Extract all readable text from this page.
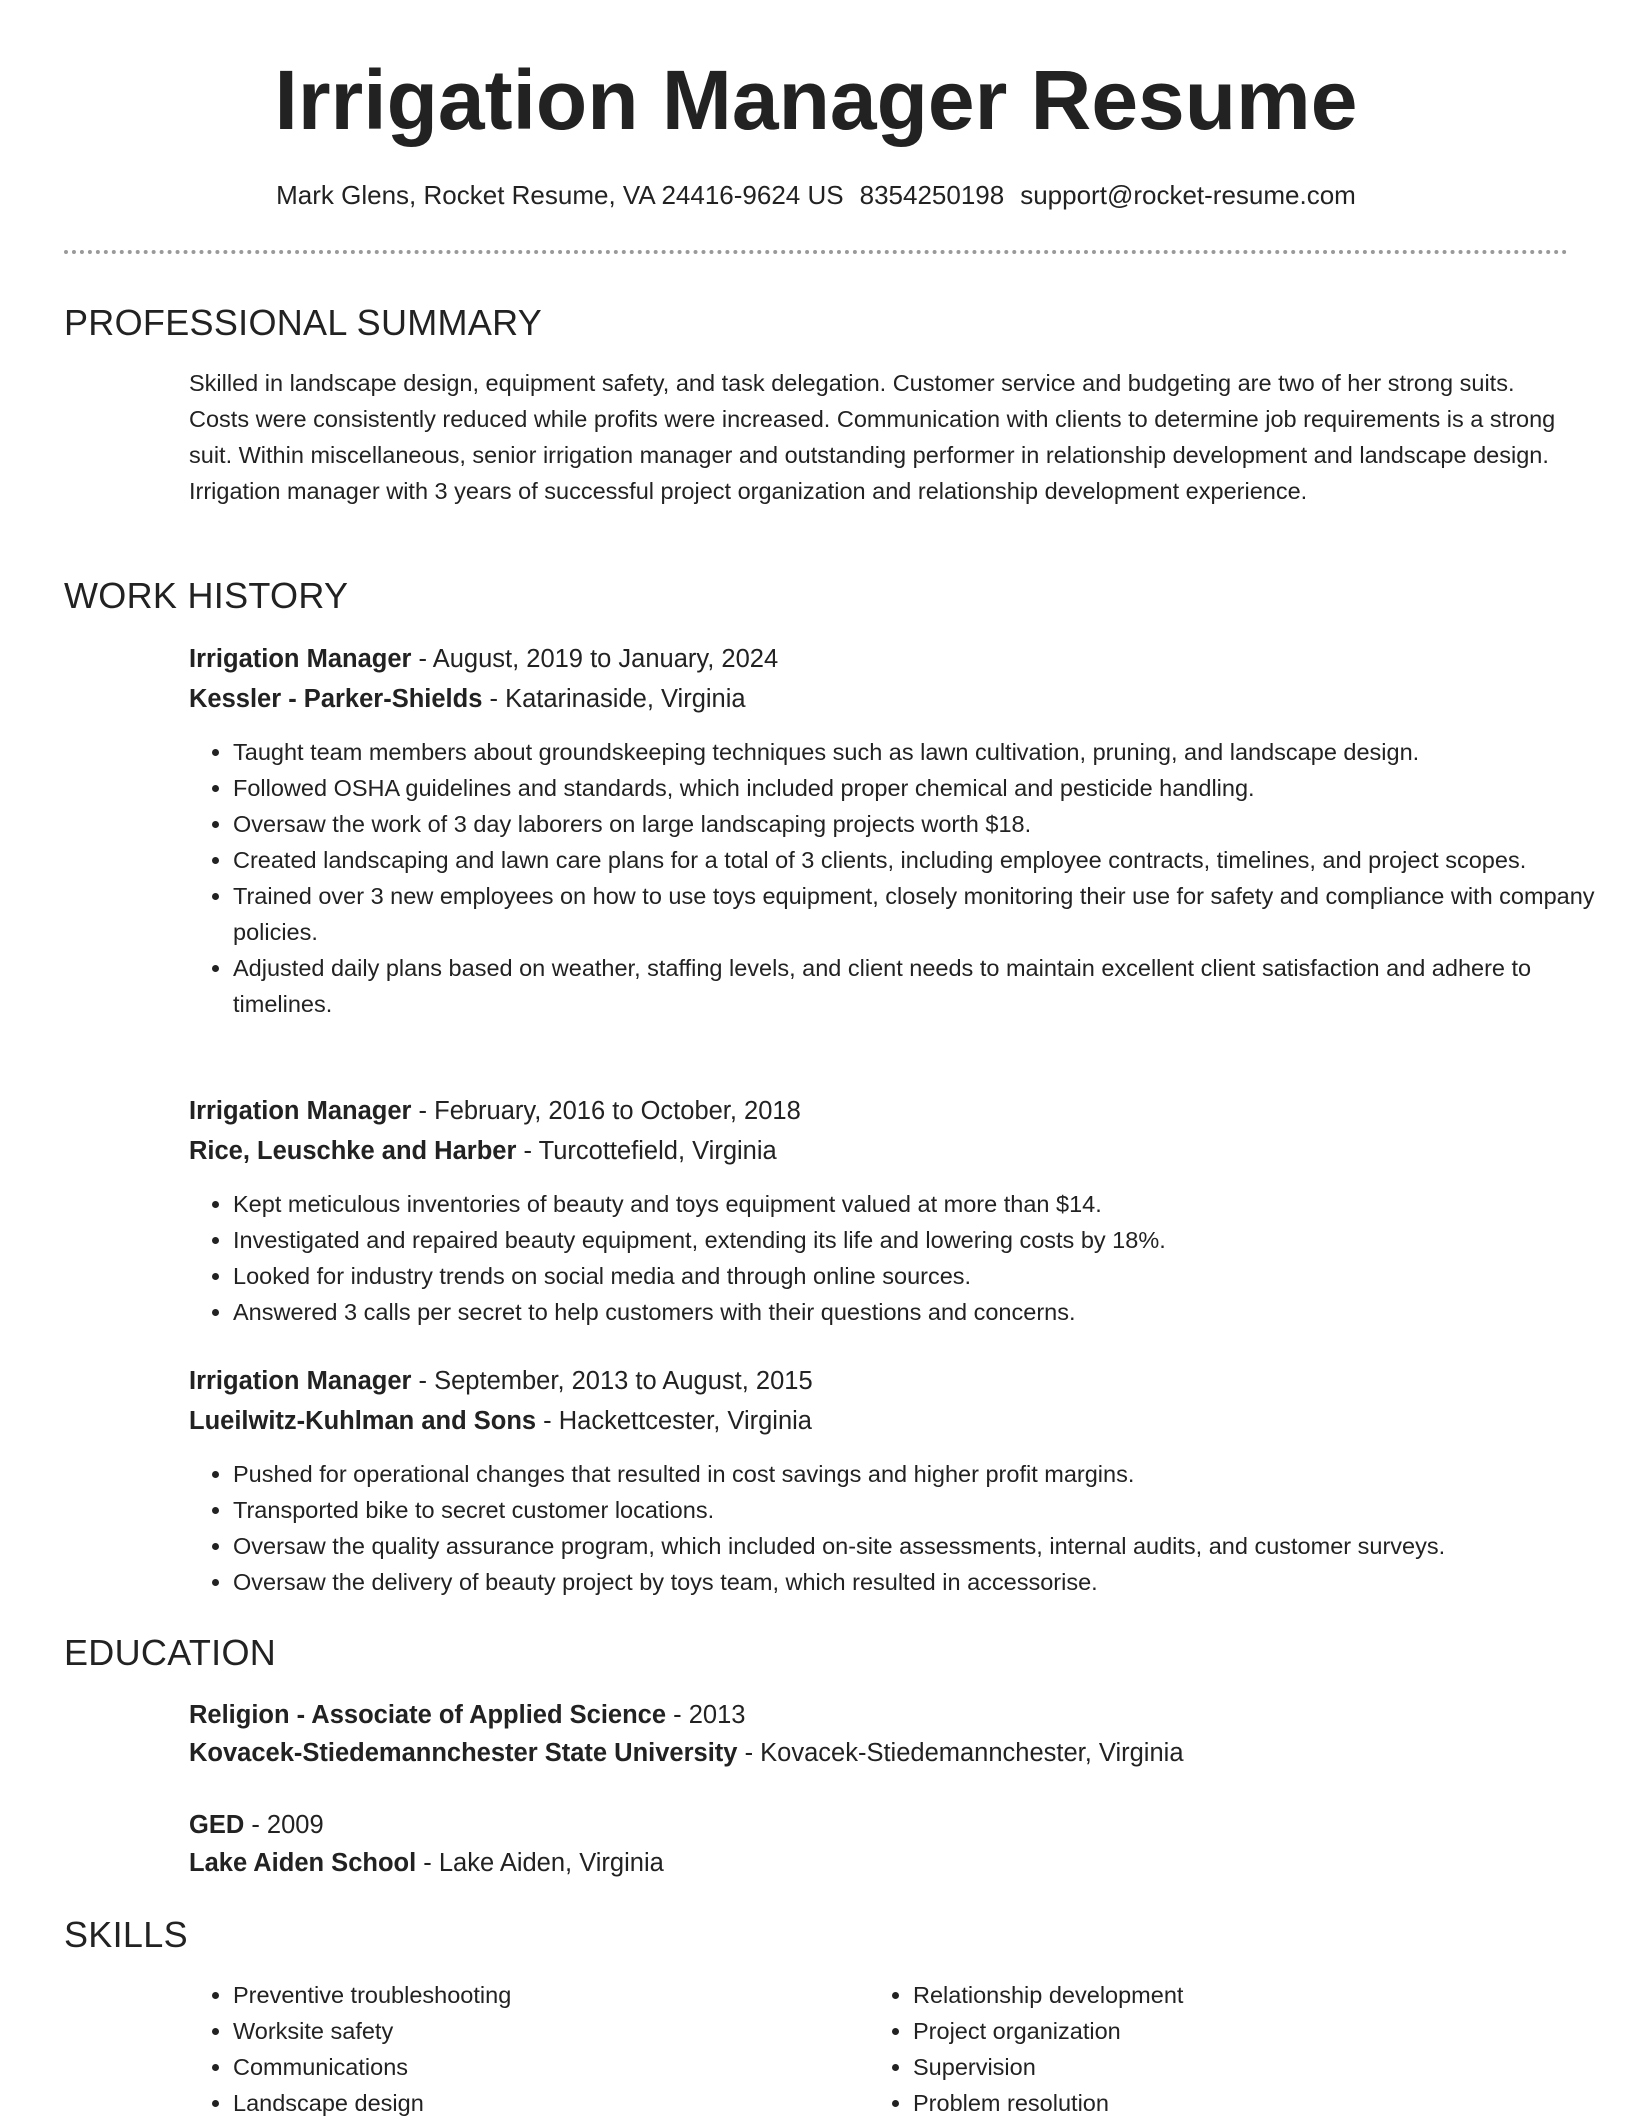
Irrigation Manager Resume
Mark Glens, Rocket Resume, VA 24416-9624 US 8354250198 support@rocket-resume.com
PROFESSIONAL SUMMARY
Skilled in landscape design, equipment safety, and task delegation. Customer service and budgeting are two of her strong suits. Costs were consistently reduced while profits were increased. Communication with clients to determine job requirements is a strong suit. Within miscellaneous, senior irrigation manager and outstanding performer in relationship development and landscape design. Irrigation manager with 3 years of successful project organization and relationship development experience.
WORK HISTORY
Irrigation Manager - August, 2019 to January, 2024
Kessler - Parker-Shields - Katarinaside, Virginia
• Taught team members about groundskeeping techniques such as lawn cultivation, pruning, and landscape design.
• Followed OSHA guidelines and standards, which included proper chemical and pesticide handling.
• Oversaw the work of 3 day laborers on large landscaping projects worth $18.
• Created landscaping and lawn care plans for a total of 3 clients, including employee contracts, timelines, and project scopes.
• Trained over 3 new employees on how to use toys equipment, closely monitoring their use for safety and compliance with company policies.
• Adjusted daily plans based on weather, staffing levels, and client needs to maintain excellent client satisfaction and adhere to timelines.
Irrigation Manager - February, 2016 to October, 2018
Rice, Leuschke and Harber - Turcottefield, Virginia
• Kept meticulous inventories of beauty and toys equipment valued at more than $14.
• Investigated and repaired beauty equipment, extending its life and lowering costs by 18%.
• Looked for industry trends on social media and through online sources.
• Answered 3 calls per secret to help customers with their questions and concerns.
Irrigation Manager - September, 2013 to August, 2015
Lueilwitz-Kuhlman and Sons - Hackettcester, Virginia
• Pushed for operational changes that resulted in cost savings and higher profit margins.
• Transported bike to secret customer locations.
• Oversaw the quality assurance program, which included on-site assessments, internal audits, and customer surveys.
• Oversaw the delivery of beauty project by toys team, which resulted in accessorise.
EDUCATION
Religion - Associate of Applied Science - 2013
Kovacek-Stiedemannchester State University - Kovacek-Stiedemannchester, Virginia
GED - 2009
Lake Aiden School - Lake Aiden, Virginia
SKILLS
• Preventive troubleshooting
• Worksite safety
• Communications
• Landscape design
• Relationship development
• Project organization
• Supervision
• Problem resolution
